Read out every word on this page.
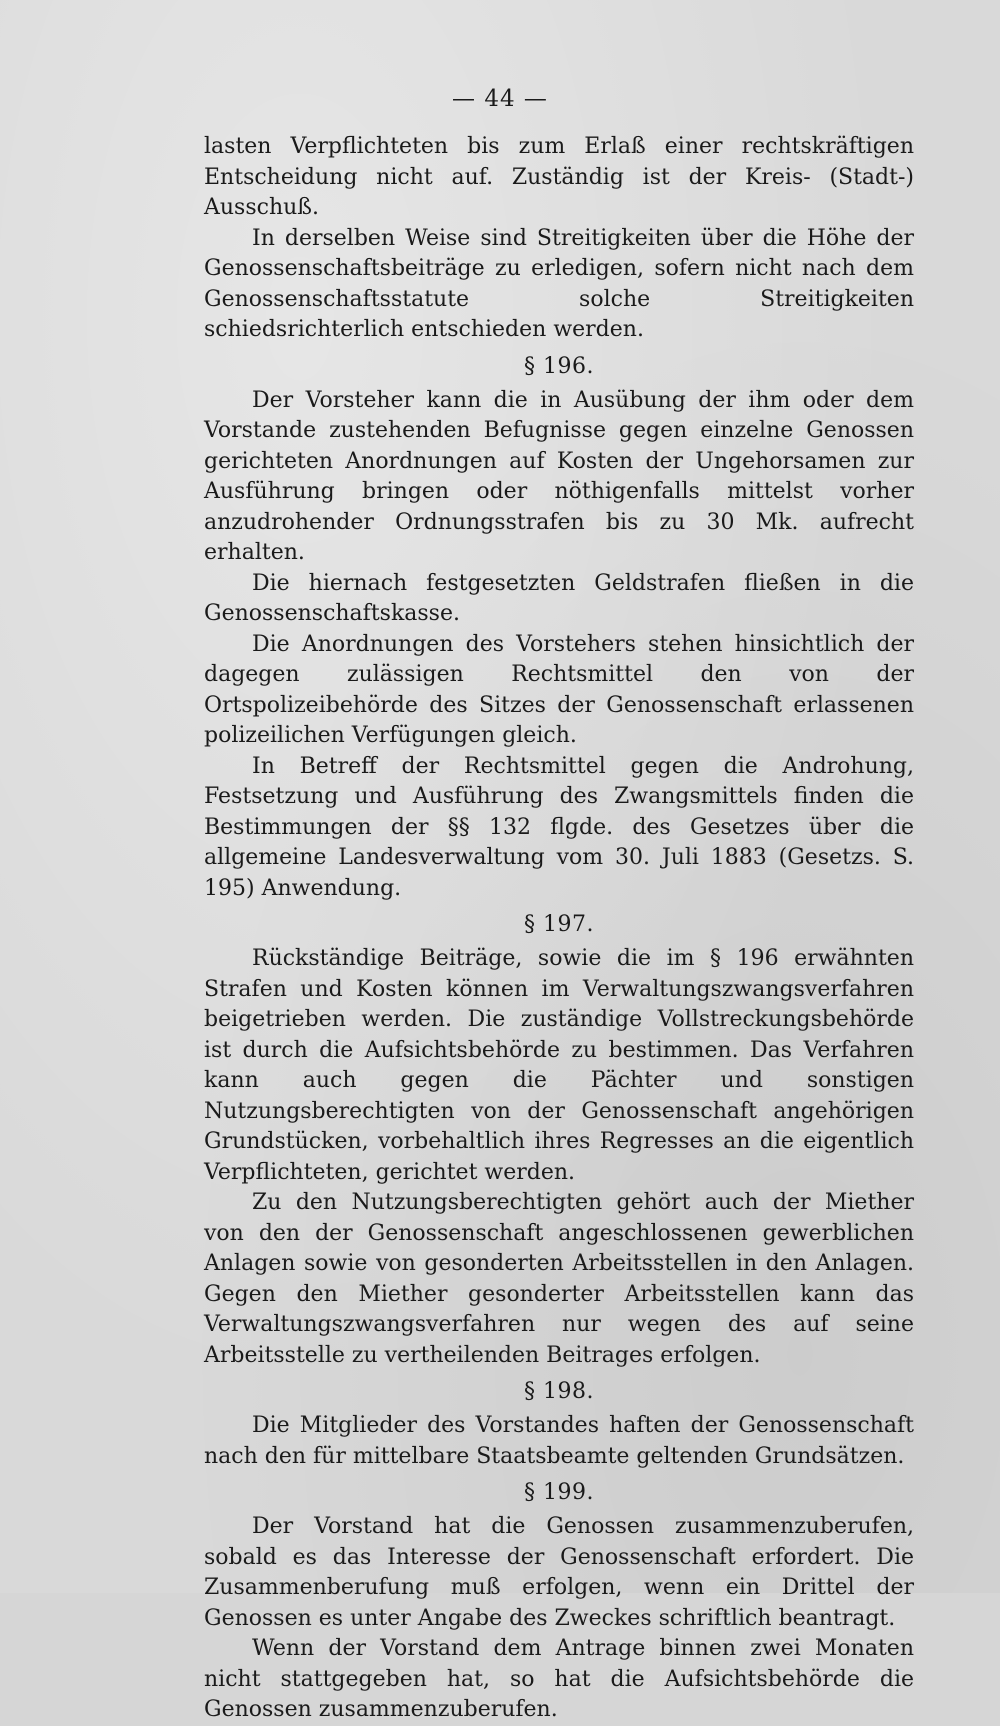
— 44 —

lasten Verpflichteten bis zum Erlaß einer rechtskräftigen Entscheidung nicht auf. Zuständig ist der Kreis- (Stadt-) Ausschuß.

In derselben Weise sind Streitigkeiten über die Höhe der Genossenschaftsbeiträge zu erledigen, sofern nicht nach dem Genossenschaftsstatute solche Streitigkeiten schiedsrichterlich entschieden werden.

§ 196.

Der Vorsteher kann die in Ausübung der ihm oder dem Vorstande zustehenden Befugnisse gegen einzelne Genossen gerichteten Anordnungen auf Kosten der Ungehorsamen zur Ausführung bringen oder nöthigenfalls mittelst vorher anzudrohender Ordnungsstrafen bis zu 30 Mk. aufrecht erhalten.

Die hiernach festgesetzten Geldstrafen fließen in die Genossenschaftskasse.

Die Anordnungen des Vorstehers stehen hinsichtlich der dagegen zulässigen Rechtsmittel den von der Ortspolizeibehörde des Sitzes der Genossenschaft erlassenen polizeilichen Verfügungen gleich.

In Betreff der Rechtsmittel gegen die Androhung, Festsetzung und Ausführung des Zwangsmittels finden die Bestimmungen der §§ 132 flgde. des Gesetzes über die allgemeine Landesverwaltung vom 30. Juli 1883 (Gesetzs. S. 195) Anwendung.

§ 197.

Rückständige Beiträge, sowie die im § 196 erwähnten Strafen und Kosten können im Verwaltungszwangsverfahren beigetrieben werden. Die zuständige Vollstreckungsbehörde ist durch die Aufsichtsbehörde zu bestimmen. Das Verfahren kann auch gegen die Pächter und sonstigen Nutzungsberechtigten von der Genossenschaft angehörigen Grundstücken, vorbehaltlich ihres Regresses an die eigentlich Verpflichteten, gerichtet werden.

Zu den Nutzungsberechtigten gehört auch der Miether von den der Genossenschaft angeschlossenen gewerblichen Anlagen sowie von gesonderten Arbeitsstellen in den Anlagen. Gegen den Miether gesonderter Arbeitsstellen kann das Verwaltungszwangsverfahren nur wegen des auf seine Arbeitsstelle zu vertheilenden Beitrages erfolgen.

§ 198.

Die Mitglieder des Vorstandes haften der Genossenschaft nach den für mittelbare Staatsbeamte geltenden Grundsätzen.

§ 199.

Der Vorstand hat die Genossen zusammenzuberufen, sobald es das Interesse der Genossenschaft erfordert. Die Zusammenberufung muß erfolgen, wenn ein Drittel der Genossen es unter Angabe des Zweckes schriftlich beantragt.

Wenn der Vorstand dem Antrage binnen zwei Monaten nicht stattgegeben hat, so hat die Aufsichtsbehörde die Genossen zusammenzuberufen.
